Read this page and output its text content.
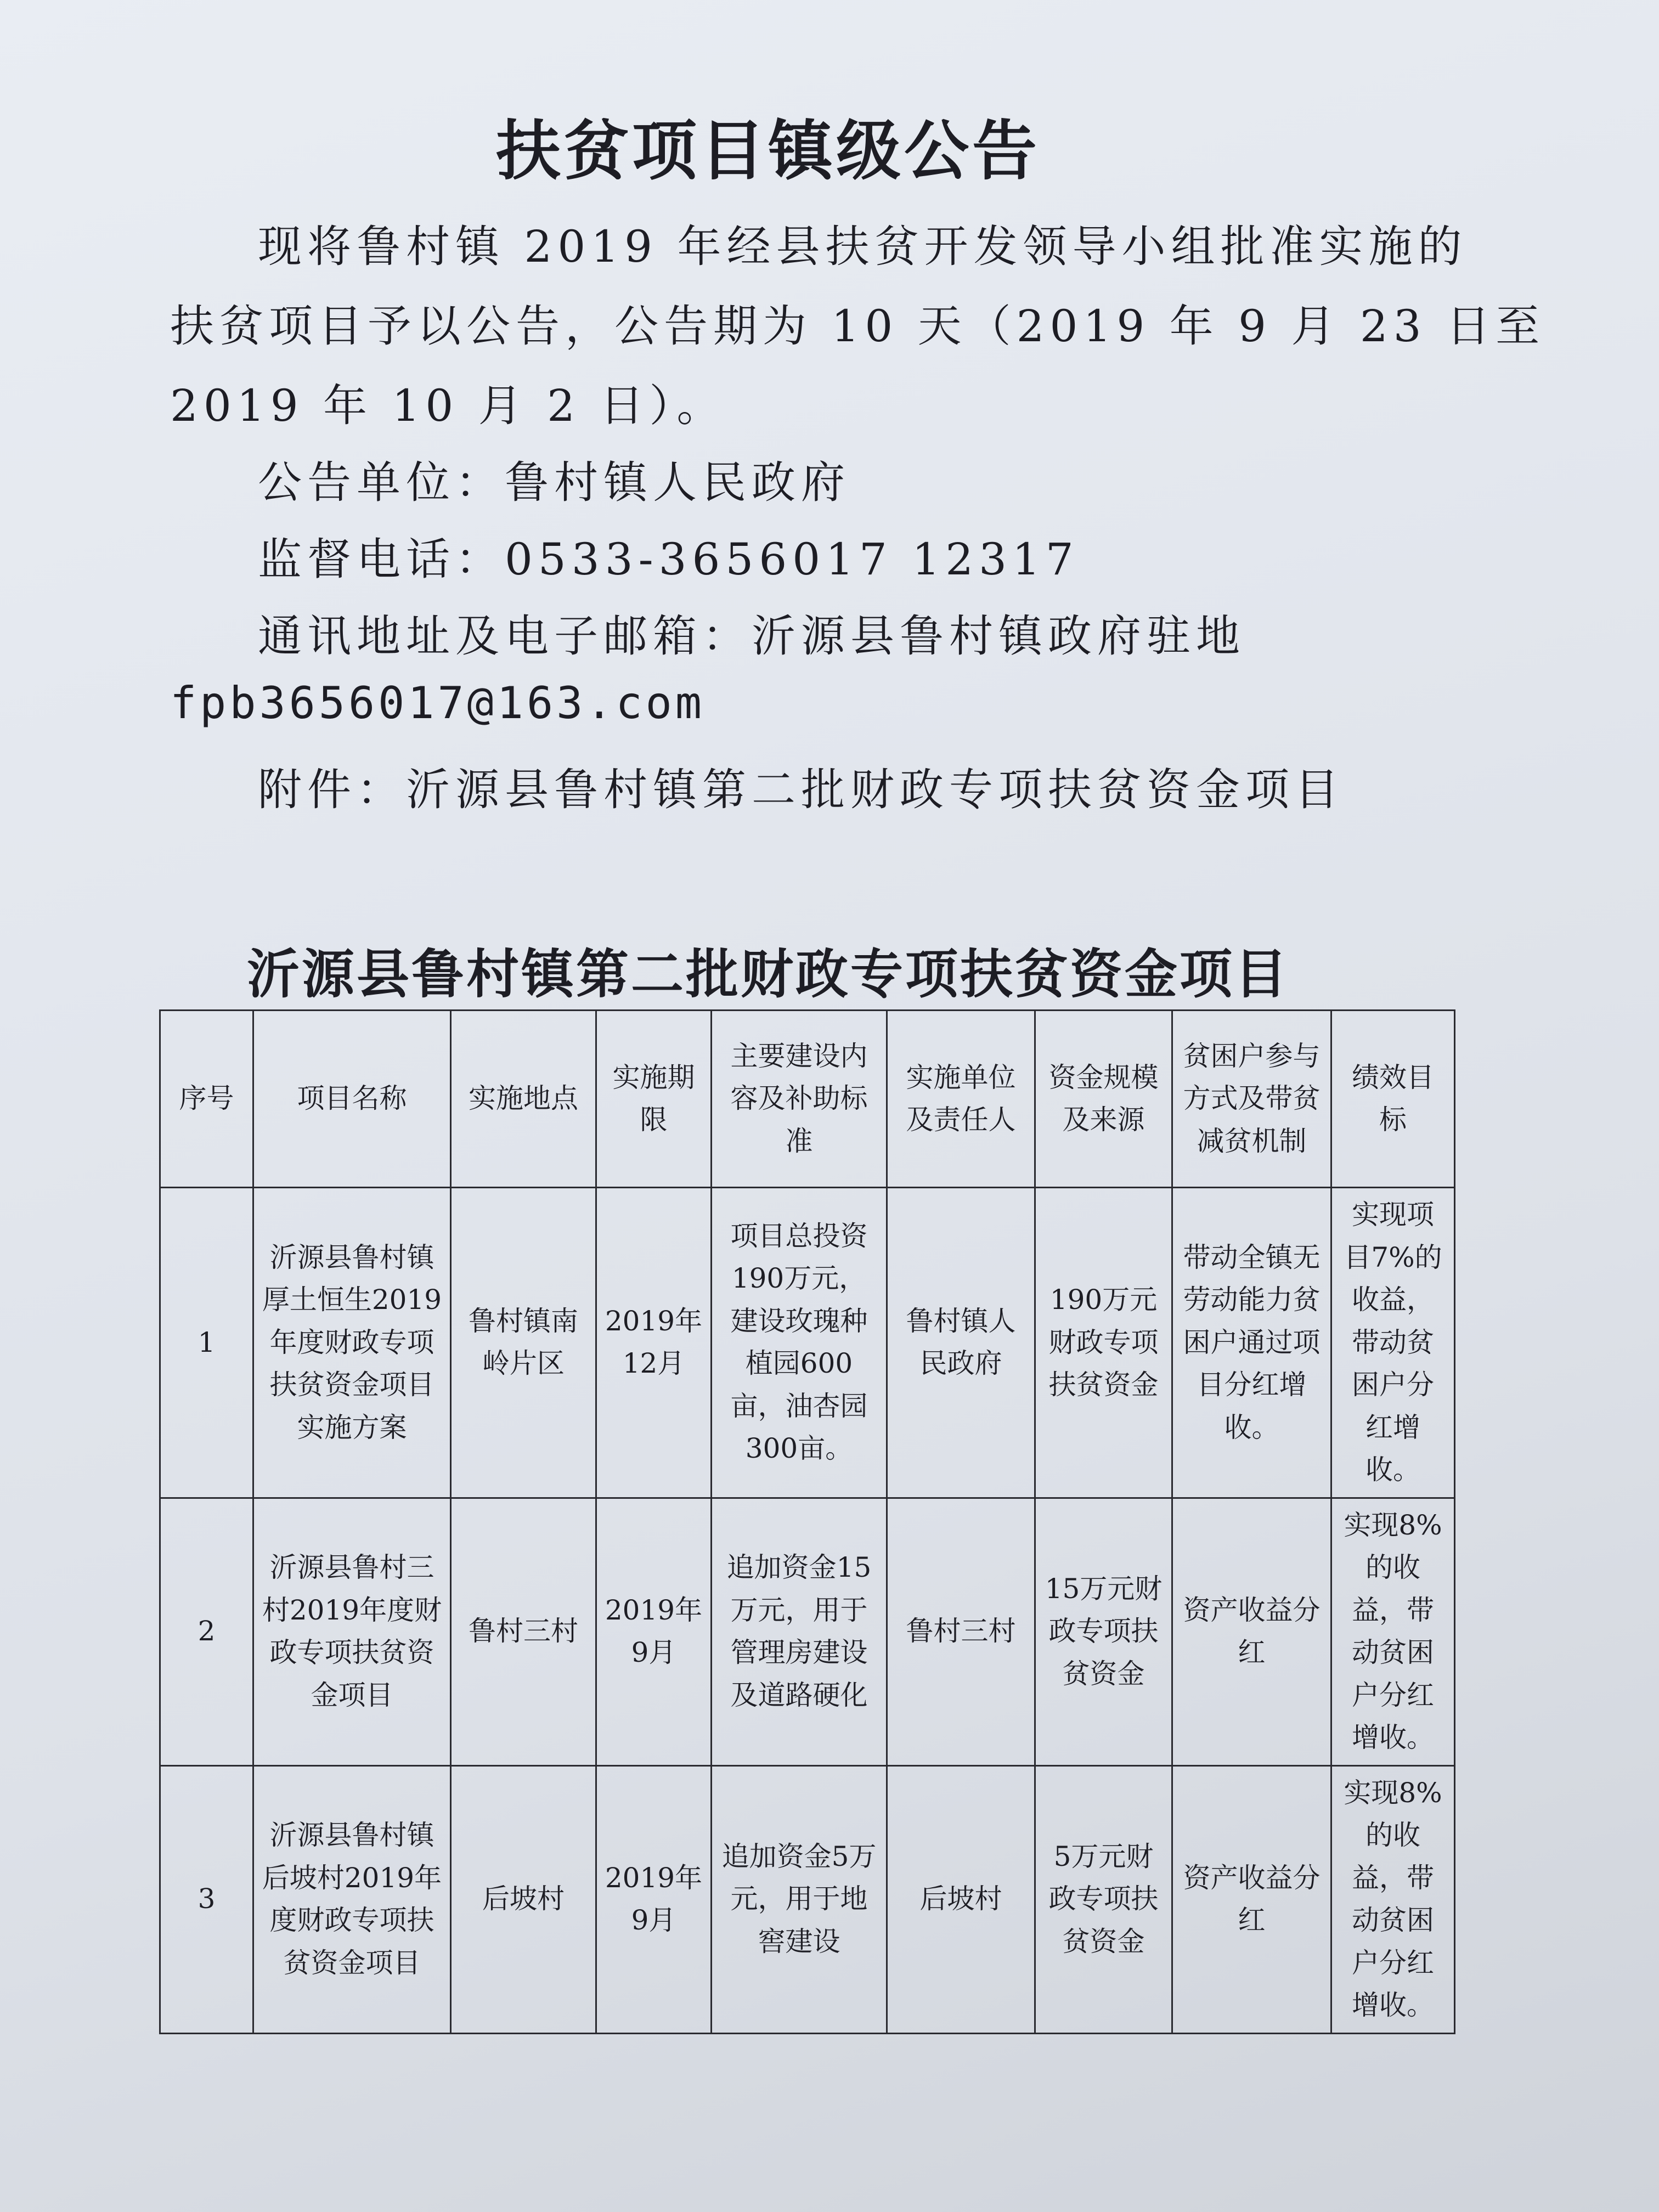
扶贫项目镇级公告
现将鲁村镇 2019 年经县扶贫开发领导小组批准实施的
扶贫项目予以公告，公告期为 10 天（2019 年 9 月 23 日至
2019 年 10 月 2 日）。
公告单位：鲁村镇人民政府
监督电话：0533-3656017 12317
通讯地址及电子邮箱：沂源县鲁村镇政府驻地
fpb3656017@163.com
附件：沂源县鲁村镇第二批财政专项扶贫资金项目
沂源县鲁村镇第二批财政专项扶贫资金项目
序号	项目名称	实施地点	实施期限	主要建设内容及补助标准	实施单位及责任人	资金规模及来源	贫困户参与方式及带贫减贫机制	绩效目标
1	沂源县鲁村镇厚土恒生2019年度财政专项扶贫资金项目实施方案	鲁村镇南岭片区	2019年12月	项目总投资190万元，建设玫瑰种植园600亩，油杏园300亩。	鲁村镇人民政府	190万元财政专项扶贫资金	带动全镇无劳动能力贫困户通过项目分红增收。	实现项目7%的收益，带动贫困户分红增收。
2	沂源县鲁村三村2019年度财政专项扶贫资金项目	鲁村三村	2019年9月	追加资金15万元，用于管理房建设及道路硬化	鲁村三村	15万元财政专项扶贫资金	资产收益分红	实现8%的收益，带动贫困户分红增收。
3	沂源县鲁村镇后坡村2019年度财政专项扶贫资金项目	后坡村	2019年9月	追加资金5万元，用于地窖建设	后坡村	5万元财政专项扶贫资金	资产收益分红	实现8%的收益，带动贫困户分红增收。
